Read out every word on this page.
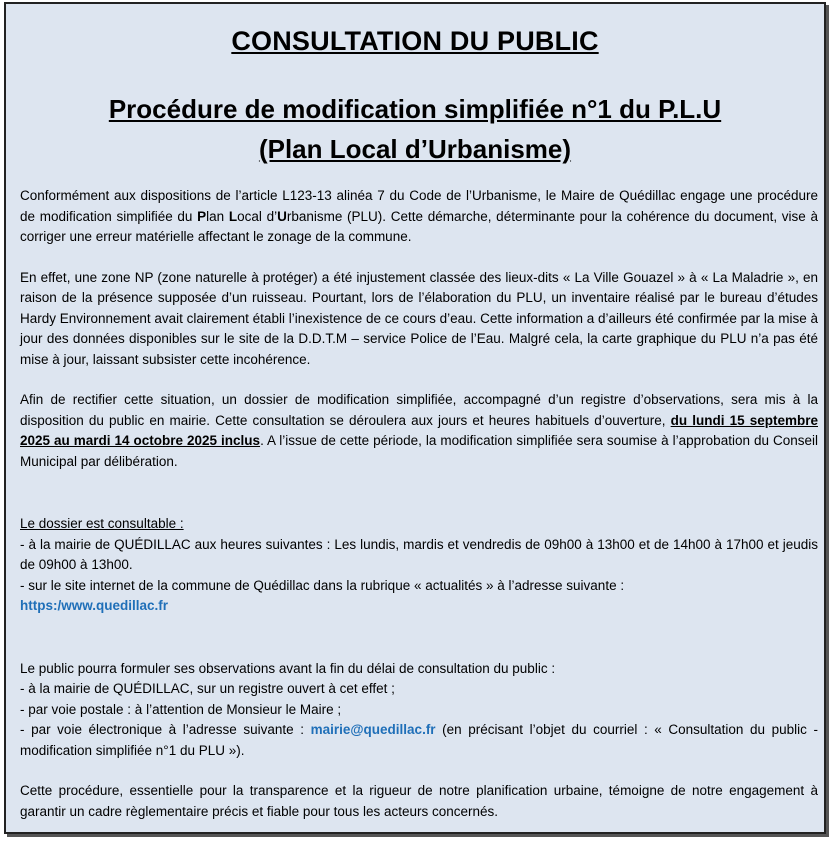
CONSULTATION DU PUBLIC
Procédure de modification simplifiée n°1 du P.L.U
(Plan Local d’Urbanisme)

Conformément aux dispositions de l’article L123-13 alinéa 7 du Code de l’Urbanisme, le Maire de Quédillac engage une procédure de modification simplifiée du Plan Local d’Urbanisme (PLU). Cette démarche, déterminante pour la cohérence du document, vise à corriger une erreur matérielle affectant le zonage de la commune.

En effet, une zone NP (zone naturelle à protéger) a été injustement classée des lieux-dits « La Ville Gouazel » à « La Maladrie », en raison de la présence supposée d’un ruisseau. Pourtant, lors de l’élaboration du PLU, un inventaire réalisé par le bureau d’études Hardy Environnement avait clairement établi l’inexistence de ce cours d’eau. Cette information a d’ailleurs été confirmée par la mise à jour des données disponibles sur le site de la D.D.T.M – service Police de l’Eau. Malgré cela, la carte graphique du PLU n’a pas été mise à jour, laissant subsister cette incohérence.

Afin de rectifier cette situation, un dossier de modification simplifiée, accompagné d’un registre d’observations, sera mis à la disposition du public en mairie. Cette consultation se déroulera aux jours et heures habituels d’ouverture, du lundi 15 septembre 2025 au mardi 14 octobre 2025 inclus. A l’issue de cette période, la modification simplifiée sera soumise à l’approbation du Conseil Municipal par délibération.

Le dossier est consultable :
- à la mairie de QUÉDILLAC aux heures suivantes : Les lundis, mardis et vendredis de 09h00 à 13h00 et de 14h00 à 17h00 et jeudis de 09h00 à 13h00.
- sur le site internet de la commune de Quédillac dans la rubrique « actualités » à l’adresse suivante :
https:/www.quedillac.fr
Le public pourra formuler ses observations avant la fin du délai de consultation du public :
- à la mairie de QUÉDILLAC, sur un registre ouvert à cet effet ;
- par voie postale : à l’attention de Monsieur le Maire ;
- par voie électronique à l’adresse suivante : mairie@quedillac.fr (en précisant l’objet du courriel : « Consultation du public - modification simplifiée n°1 du PLU »).

Cette procédure, essentielle pour la transparence et la rigueur de notre planification urbaine, témoigne de notre engagement à garantir un cadre règlementaire précis et fiable pour tous les acteurs concernés.
